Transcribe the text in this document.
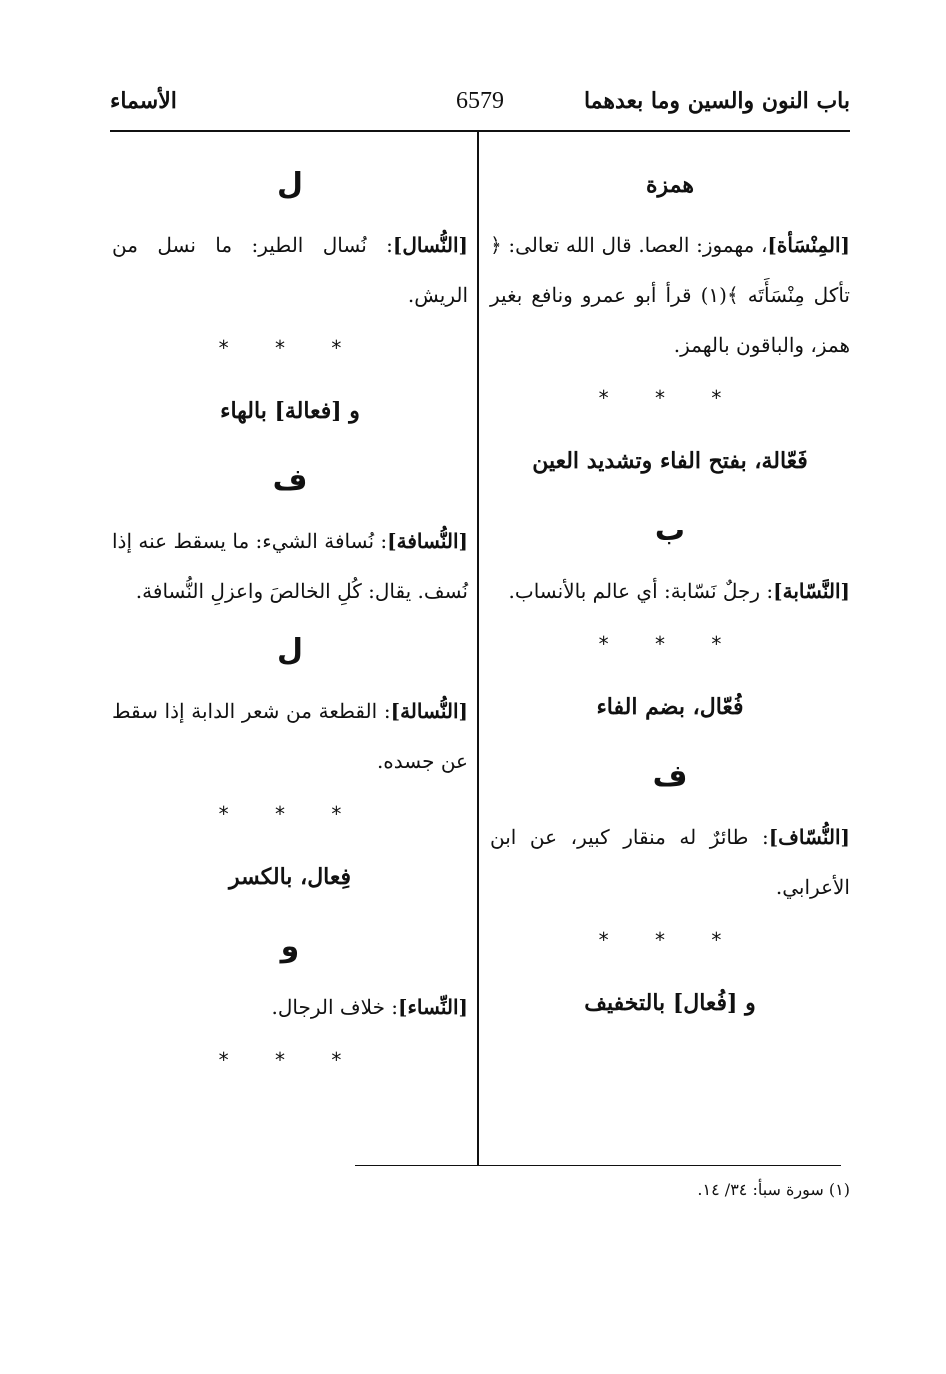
باب النون والسين وما بعدهما
6579
الأسماء
همزة
[المِنْسَأة]، مهموز: العصا. قال الله تعالى: ﴿ تأكل مِنْسَأَتَه ﴾(١) قرأ أبو عمرو ونافع بغير همز، والباقون بالهمز.
* * *
فَعّالة، بفتح الفاء وتشديد العين
ب
[النَّسّابة]: رجلٌ نَسّابة: أي عالم بالأنساب.
* * *
فُعّال، بضم الفاء
ف
[النُّسّاف]: طائرٌ له منقار كبير، عن ابن الأعرابي.
* * *
و [فُعال] بالتخفيف
ل
[النُّسال]: نُسال الطير: ما نسل من الريش.
* * *
و [فعالة] بالهاء
ف
[النُّسافة]: نُسافة الشيء: ما يسقط عنه إذا نُسف. يقال: كُلِ الخالصَ واعزلِ النُّسافة.
ل
[النُّسالة]: القطعة من شعر الدابة إذا سقط عن جسده.
* * *
فِعال، بالكسر
و
[النِّساء]: خلاف الرجال.
* * *
(١) سورة سبأ: ٣٤/ ١٤.
